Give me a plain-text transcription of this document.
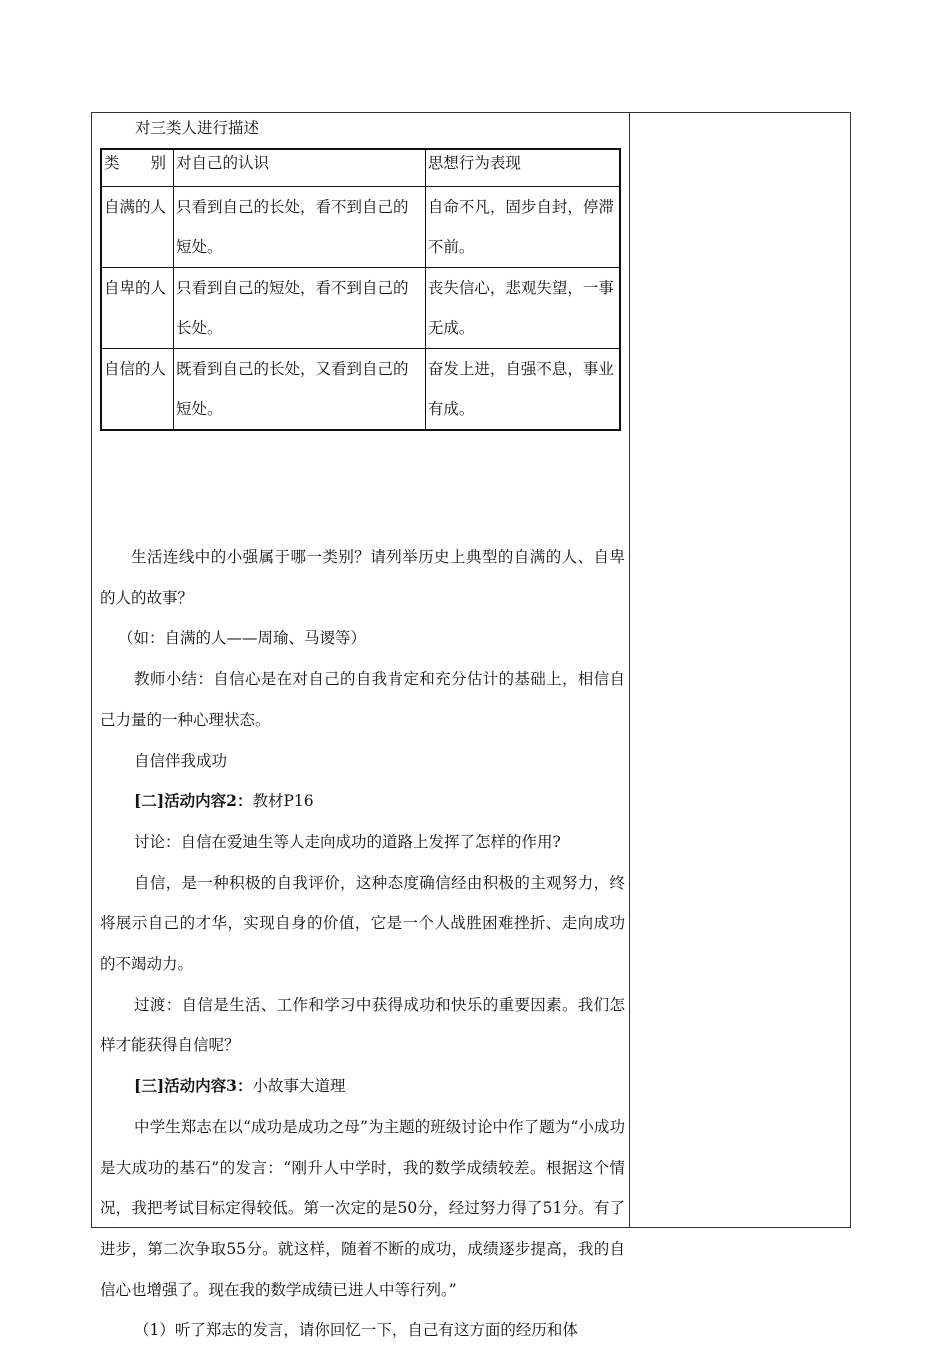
对三类人进行描述
类　　别	对自己的认识	思想行为表现
自满的人	只看到自己的长处，看不到自己的短处。	自命不凡，固步自封，停滞不前。
自卑的人	只看到自己的短处，看不到自己的长处。	丧失信心，悲观失望，一事无成。
自信的人	既看到自己的长处，又看到自己的短处。	奋发上进，自强不息，事业有成。

生活连线中的小强属于哪一类别？请列举历史上典型的自满的人、自卑的人的故事？

（如：自满的人——周瑜、马谡等）

教师小结：自信心是在对自己的自我肯定和充分估计的基础上，相信自己力量的一种心理状态。

自信伴我成功

[二]活动内容2：教材P16

讨论：自信在爱迪生等人走向成功的道路上发挥了怎样的作用?

自信，是一种积极的自我评价，这种态度确信经由积极的主观努力，终将展示自己的才华，实现自身的价值，它是一个人战胜困难挫折、走向成功的不竭动力。

过渡：自信是生活、工作和学习中获得成功和快乐的重要因素。我们怎样才能获得自信呢？

[三]活动内容3：小故事大道理

中学生郑志在以“成功是成功之母”为主题的班级讨论中作了题为“小成功是大成功的基石”的发言：“刚升人中学时，我的数学成绩较差。根据这个情况，我把考试目标定得较低。第一次定的是50分，经过努力得了51分。有了进步，第二次争取55分。就这样，随着不断的成功，成绩逐步提高，我的自信心也增强了。现在我的数学成绩已进人中等行列。”

（1）听了郑志的发言，请你回忆一下，自己有这方面的经历和体
